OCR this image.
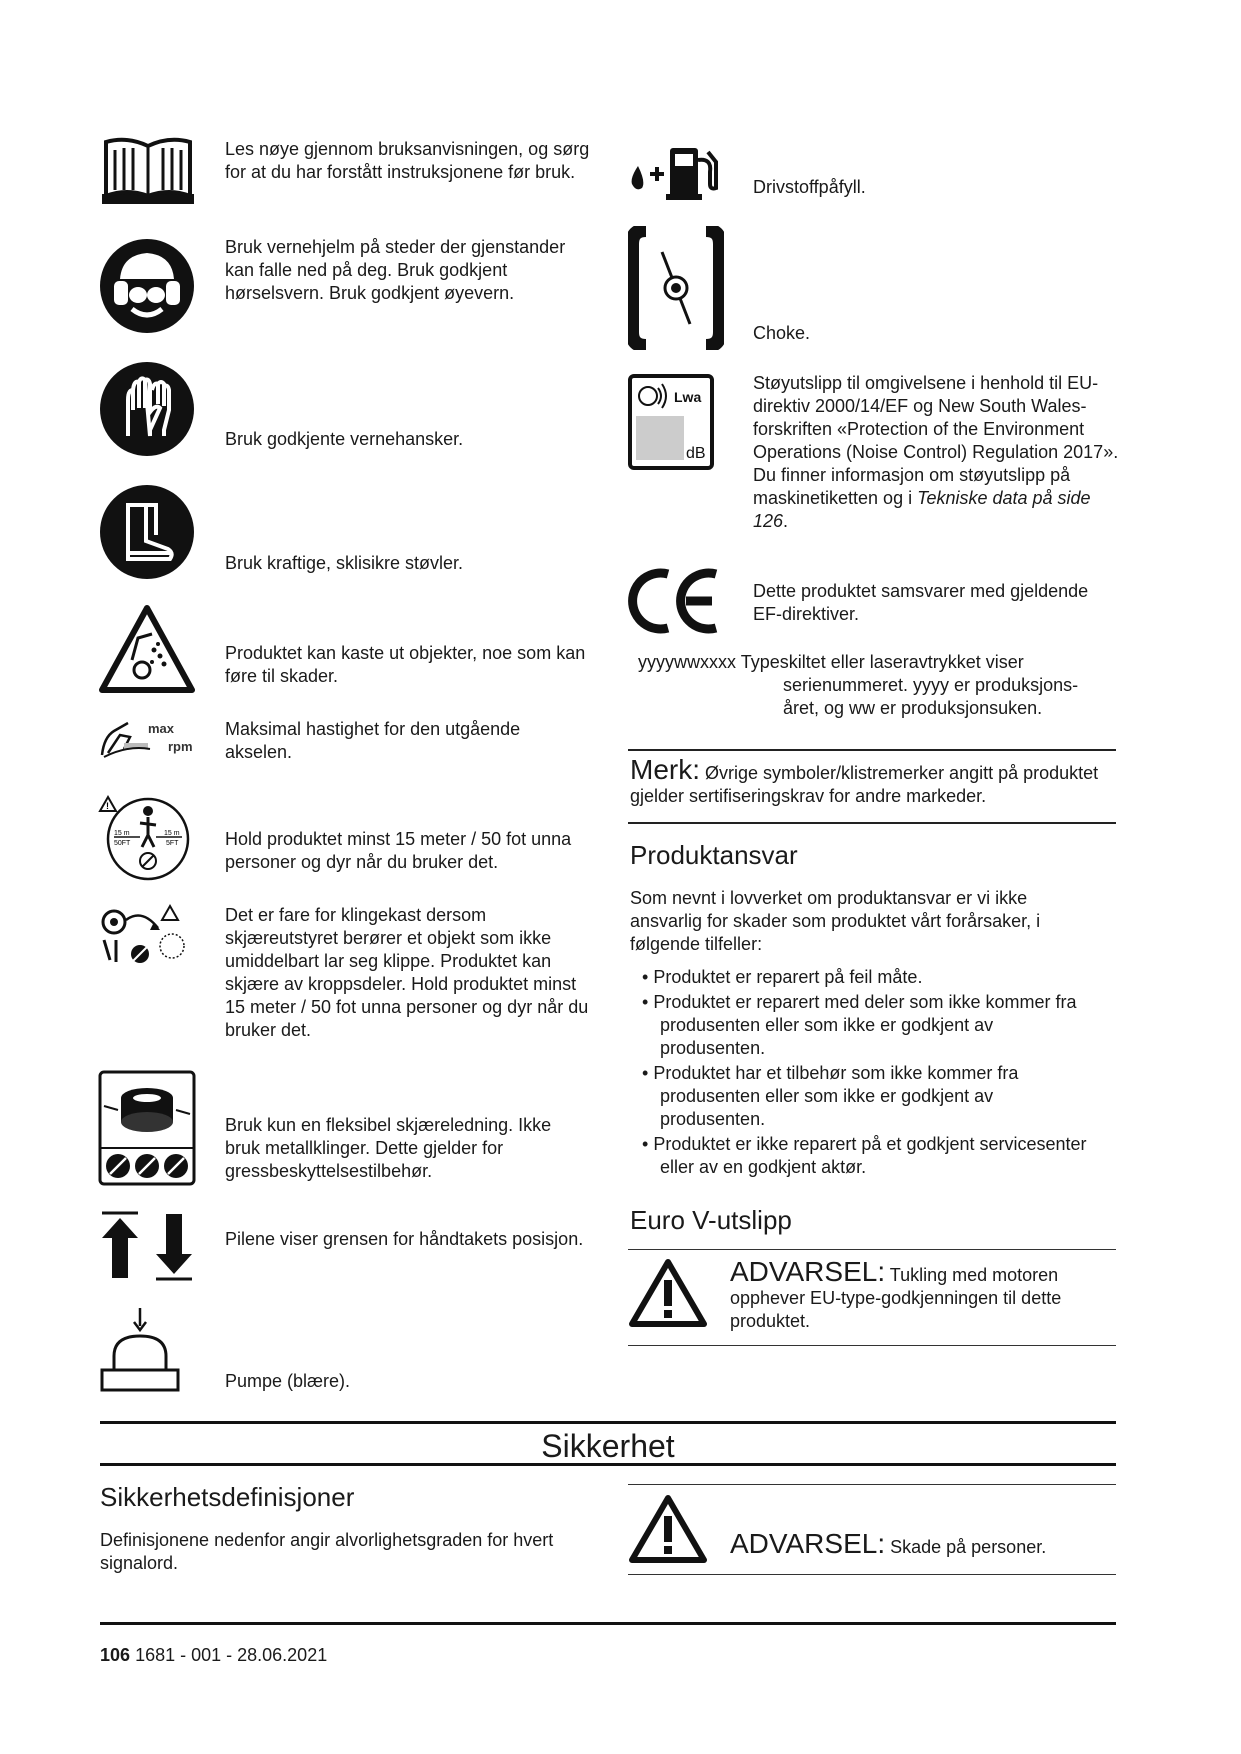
Les nøye gjennom bruksanvisningen, og sørg for at du har forstått instruksjonene før bruk.
Bruk vernehjelm på steder der gjenstander kan falle ned på deg. Bruk godkjent hørselsvern. Bruk godkjent øyevern.
Bruk godkjente vernehansker.
Bruk kraftige, sklisikre støvler.
Produktet kan kaste ut objekter, noe som kan føre til skader.
max
rpm
Maksimal hastighet for den utgående akselen.
!
15 m
50FT
15 m
5FT	Hold produktet minst 15 meter / 50 fot unna personer og dyr når du bruker det.
Det er fare for klingekast dersom skjæreutstyret berører et objekt som ikke umiddelbart lar seg klippe. Produktet kan skjære av kroppsdeler. Hold produktet minst 15 meter / 50 fot unna personer og dyr når du bruker det.
Bruk kun en fleksibel skjæreledning. Ikke bruk metallklinger. Dette gjelder for gressbeskyttelsestilbehør.
Pilene viser grensen for håndtakets posisjon.
Pumpe (blære).
Drivstoffpåfyll.
Choke.
Lwa
dB
Støyutslipp til omgivelsene i henhold til EU-direktiv 2000/14/EF og New South Wales-forskriften «Protection of the Environment Operations (Noise Control) Regulation 2017». Du finner informasjon om støyutslipp på maskinetiketten og i Tekniske data på side 126.
Dette produktet samsvarer med gjeldende EF-direktiver.
yyyywwxxxx Typeskiltet eller laseravtrykket viser
serienummeret. yyyy er produksjons-
året, og ww er produksjonsuken.
Merk: Øvrige symboler/klistremerker angitt på produktet gjelder sertifiseringskrav for andre markeder.
Produktansvar
Som nevnt i lovverket om produktansvar er vi ikke ansvarlig for skader som produktet vårt forårsaker, i følgende tilfeller:
• Produktet er reparert på feil måte.
• Produktet er reparert med deler som ikke kommer fra produsenten eller som ikke er godkjent av produsenten.
• Produktet har et tilbehør som ikke kommer fra produsenten eller som ikke er godkjent av produsenten.
• Produktet er ikke reparert på et godkjent servicesenter eller av en godkjent aktør.
Euro V-utslipp
ADVARSEL: Tukling med motoren opphever EU-type-godkjenningen til dette produktet.
Sikkerhet
Sikkerhetsdefinisjoner
Definisjonene nedenfor angir alvorlighetsgraden for hvert signalord.
ADVARSEL: Skade på personer.
106 1681 - 001 - 28.06.2021
